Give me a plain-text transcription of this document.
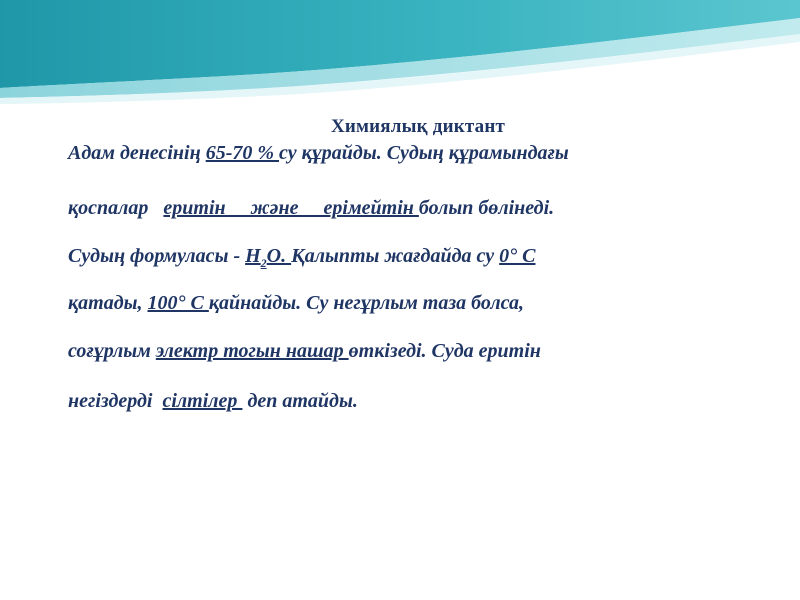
Химиялық диктант
Адам денесінің 65-70 % су құрайды. Судың құрамындағы
қоспалар   еритін     және     ерімейтін болып бөлінеді.
Судың формуласы - $Н_2О$. Қалыпты жағдайда су 0° С
қатады, 100° С қайнайды. Су негұрлым таза болса,
соғұрлым электр тогын нашар өткізеді. Суда еритін
негіздерді  сілтілер  деп атайды.
